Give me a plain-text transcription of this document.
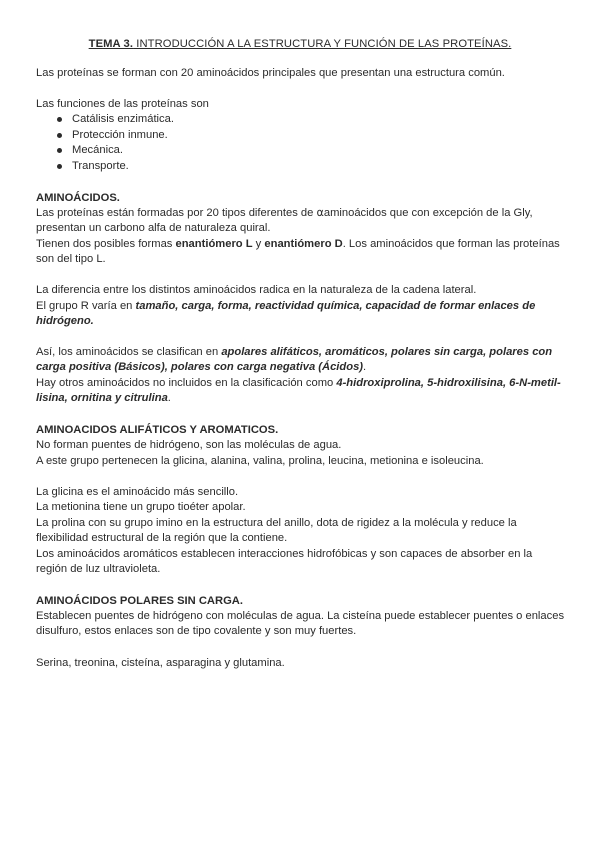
TEMA 3. INTRODUCCIÓN A LA ESTRUCTURA Y FUNCIÓN DE LAS PROTEÍNAS.

Las proteínas se forman con 20 aminoácidos principales que presentan una estructura común.

Las funciones de las proteínas son

Catálisis enzimática.
Protección inmune.
Mecánica.
Transporte.

AMINOÁCIDOS.

Las proteínas están formadas por 20 tipos diferentes de ⍺aminoácidos que con excepción de la Gly, presentan un carbono alfa de naturaleza quiral.

Tienen dos posibles formas enantiómero L y enantiómero D. Los aminoácidos que forman las proteínas son del tipo L.

La diferencia entre los distintos aminoácidos radica en la naturaleza de la cadena lateral.

El grupo R varía en tamaño, carga, forma, reactividad química, capacidad de formar enlaces de hidrógeno.

Así, los aminoácidos se clasifican en apolares alifáticos, aromáticos, polares sin carga, polares con carga positiva (Básicos), polares con carga negativa (Ácidos).

Hay otros aminoácidos no incluidos en la clasificación como 4-hidroxiprolina, 5-hidroxilisina, 6-N-metil-lisina, ornitina y citrulina.

AMINOACIDOS ALIFÁTICOS Y AROMATICOS.

No forman puentes de hidrógeno, son las moléculas de agua.

A este grupo pertenecen la glicina, alanina, valina, prolina, leucina, metionina e isoleucina.

La glicina es el aminoácido más sencillo.

La metionina tiene un grupo tioéter apolar.

La prolina con su grupo imino en la estructura del anillo, dota de rigidez a la molécula y reduce la flexibilidad estructural de la región que la contiene.

Los aminoácidos aromáticos establecen interacciones hidrofóbicas y son capaces de absorber en la región de luz ultravioleta.

AMINOÁCIDOS POLARES SIN CARGA.

Establecen puentes de hidrógeno con moléculas de agua. La cisteína puede establecer puentes o enlaces disulfuro, estos enlaces son de tipo covalente y son muy fuertes.

Serina, treonina, cisteína, asparagina y glutamina.
